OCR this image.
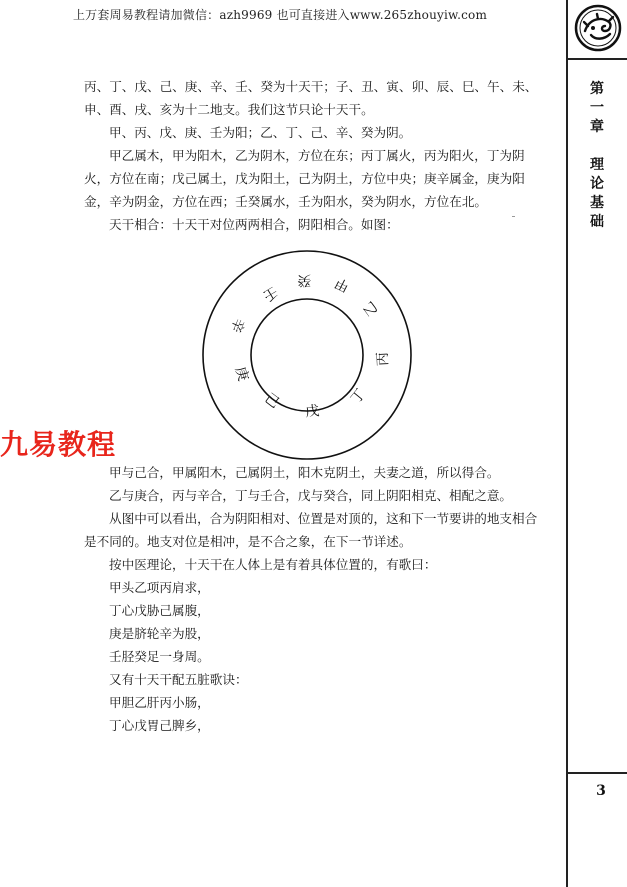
上万套周易教程请加微信：azh9969 也可直接进入www.265zhouyiw.com
第
一
章
理
论
基
础

丙、丁、戊、己、庚、辛、壬、癸为十天干；子、丑、寅、卯、辰、巳、午、未、申、酉、戌、亥为十二地支。我们这节只论十天干。

甲、丙、戊、庚、壬为阳；乙、丁、己、辛、癸为阴。

甲乙属木，甲为阳木，乙为阴木，方位在东；丙丁属火，丙为阳火，丁为阴火，方位在南；戊己属土，戊为阳土，己为阴土，方位中央；庚辛属金，庚为阳金，辛为阴金，方位在西；壬癸属水，壬为阳水，癸为阴水，方位在北。

天干相合：十天干对位两两相合，阴阳相合。如图：

甲
乙
丙
丁
戊
己
庚
辛
壬
癸
九易教程

甲与己合，甲属阳木，己属阴土，阳木克阴土，夫妻之道，所以得合。

乙与庚合，丙与辛合，丁与壬合，戊与癸合，同上阴阳相克、相配之意。

从图中可以看出，合为阴阳相对、位置是对顶的，这和下一节要讲的地支相合是不同的。地支对位是相冲，是不合之象，在下一节详述。

按中医理论，十天干在人体上是有着具体位置的，有歌曰：

甲头乙项丙肩求，

丁心戊胁己属腹，

庚是脐轮辛为股，

壬胫癸足一身周。

又有十天干配五脏歌诀：

甲胆乙肝丙小肠，

丁心戊胃己脾乡，

3
